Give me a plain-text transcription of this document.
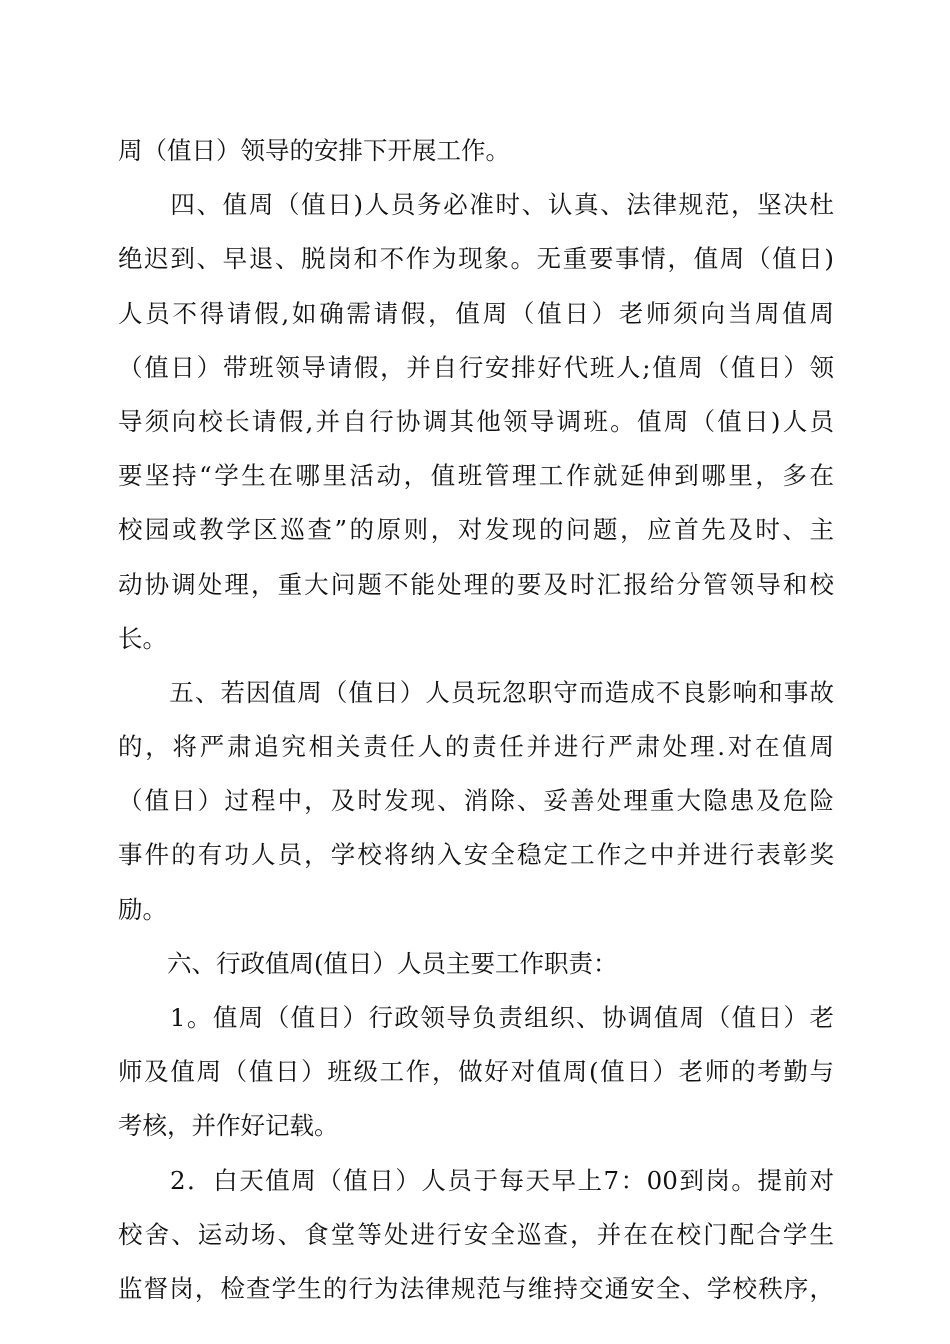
周（值日）领导的安排下开展工作。
　　四、值周（值日)人员务必准时、认真、法律规范，坚决杜
绝迟到、早退、脱岗和不作为现象。无重要事情，值周（值日)
人员不得请假,如确需请假，值周（值日）老师须向当周值周
（值日）带班领导请假，并自行安排好代班人;值周（值日）领
导须向校长请假,并自行协调其他领导调班。值周（值日)人员
要坚持“学生在哪里活动，值班管理工作就延伸到哪里，多在
校园或教学区巡查”的原则，对发现的问题，应首先及时、主
动协调处理，重大问题不能处理的要及时汇报给分管领导和校
长。
　　五、若因值周（值日）人员玩忽职守而造成不良影响和事故
的，将严肃追究相关责任人的责任并进行严肃处理.对在值周
（值日）过程中，及时发现、消除、妥善处理重大隐患及危险
事件的有功人员，学校将纳入安全稳定工作之中并进行表彰奖
励。
　　六、行政值周(值日）人员主要工作职责：
　　1。值周（值日）行政领导负责组织、协调值周（值日）老
师及值周（值日）班级工作，做好对值周(值日）老师的考勤与
考核，并作好记载。
　　2．白天值周（值日）人员于每天早上7：00到岗。提前对
校舍、运动场、食堂等处进行安全巡查，并在在校门配合学生
监督岗，检查学生的行为法律规范与维持交通安全、学校秩序，
